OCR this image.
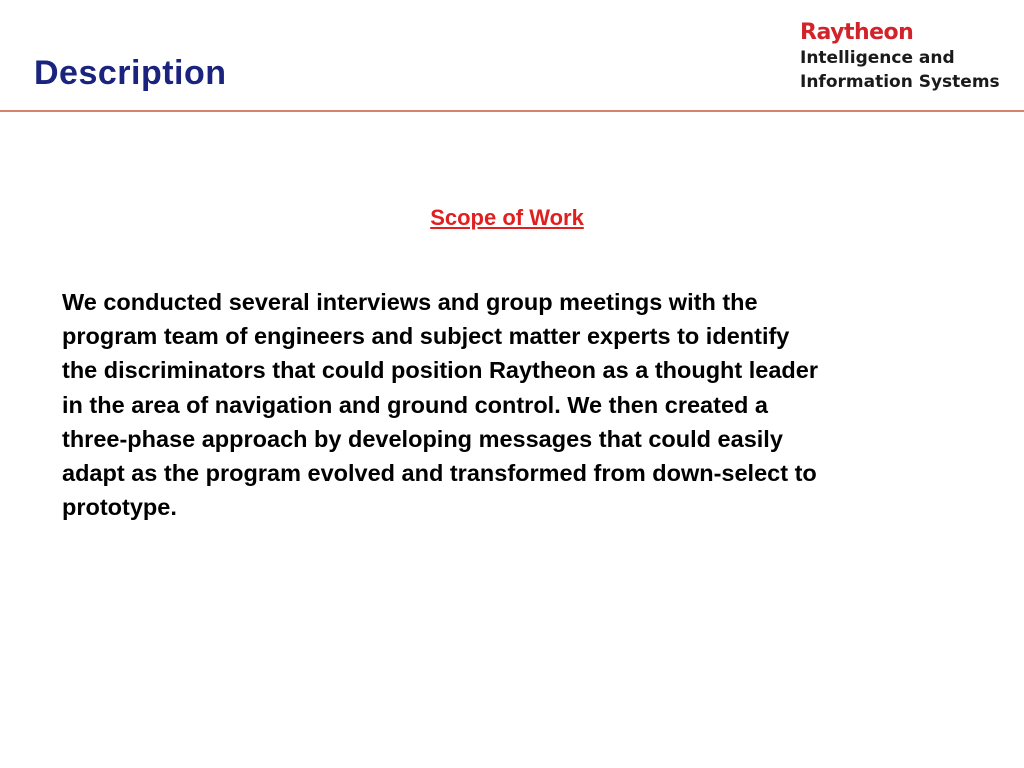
Description
Raytheon
Intelligence and
Information Systems
Scope of Work

We conducted several interviews and group meetings with the
program team of engineers and subject matter experts to identify
the discriminators that could position Raytheon as a thought leader
in the area of navigation and ground control. We then created a
three-phase approach by developing messages that could easily
adapt as the program evolved and transformed from down-select to
prototype.
